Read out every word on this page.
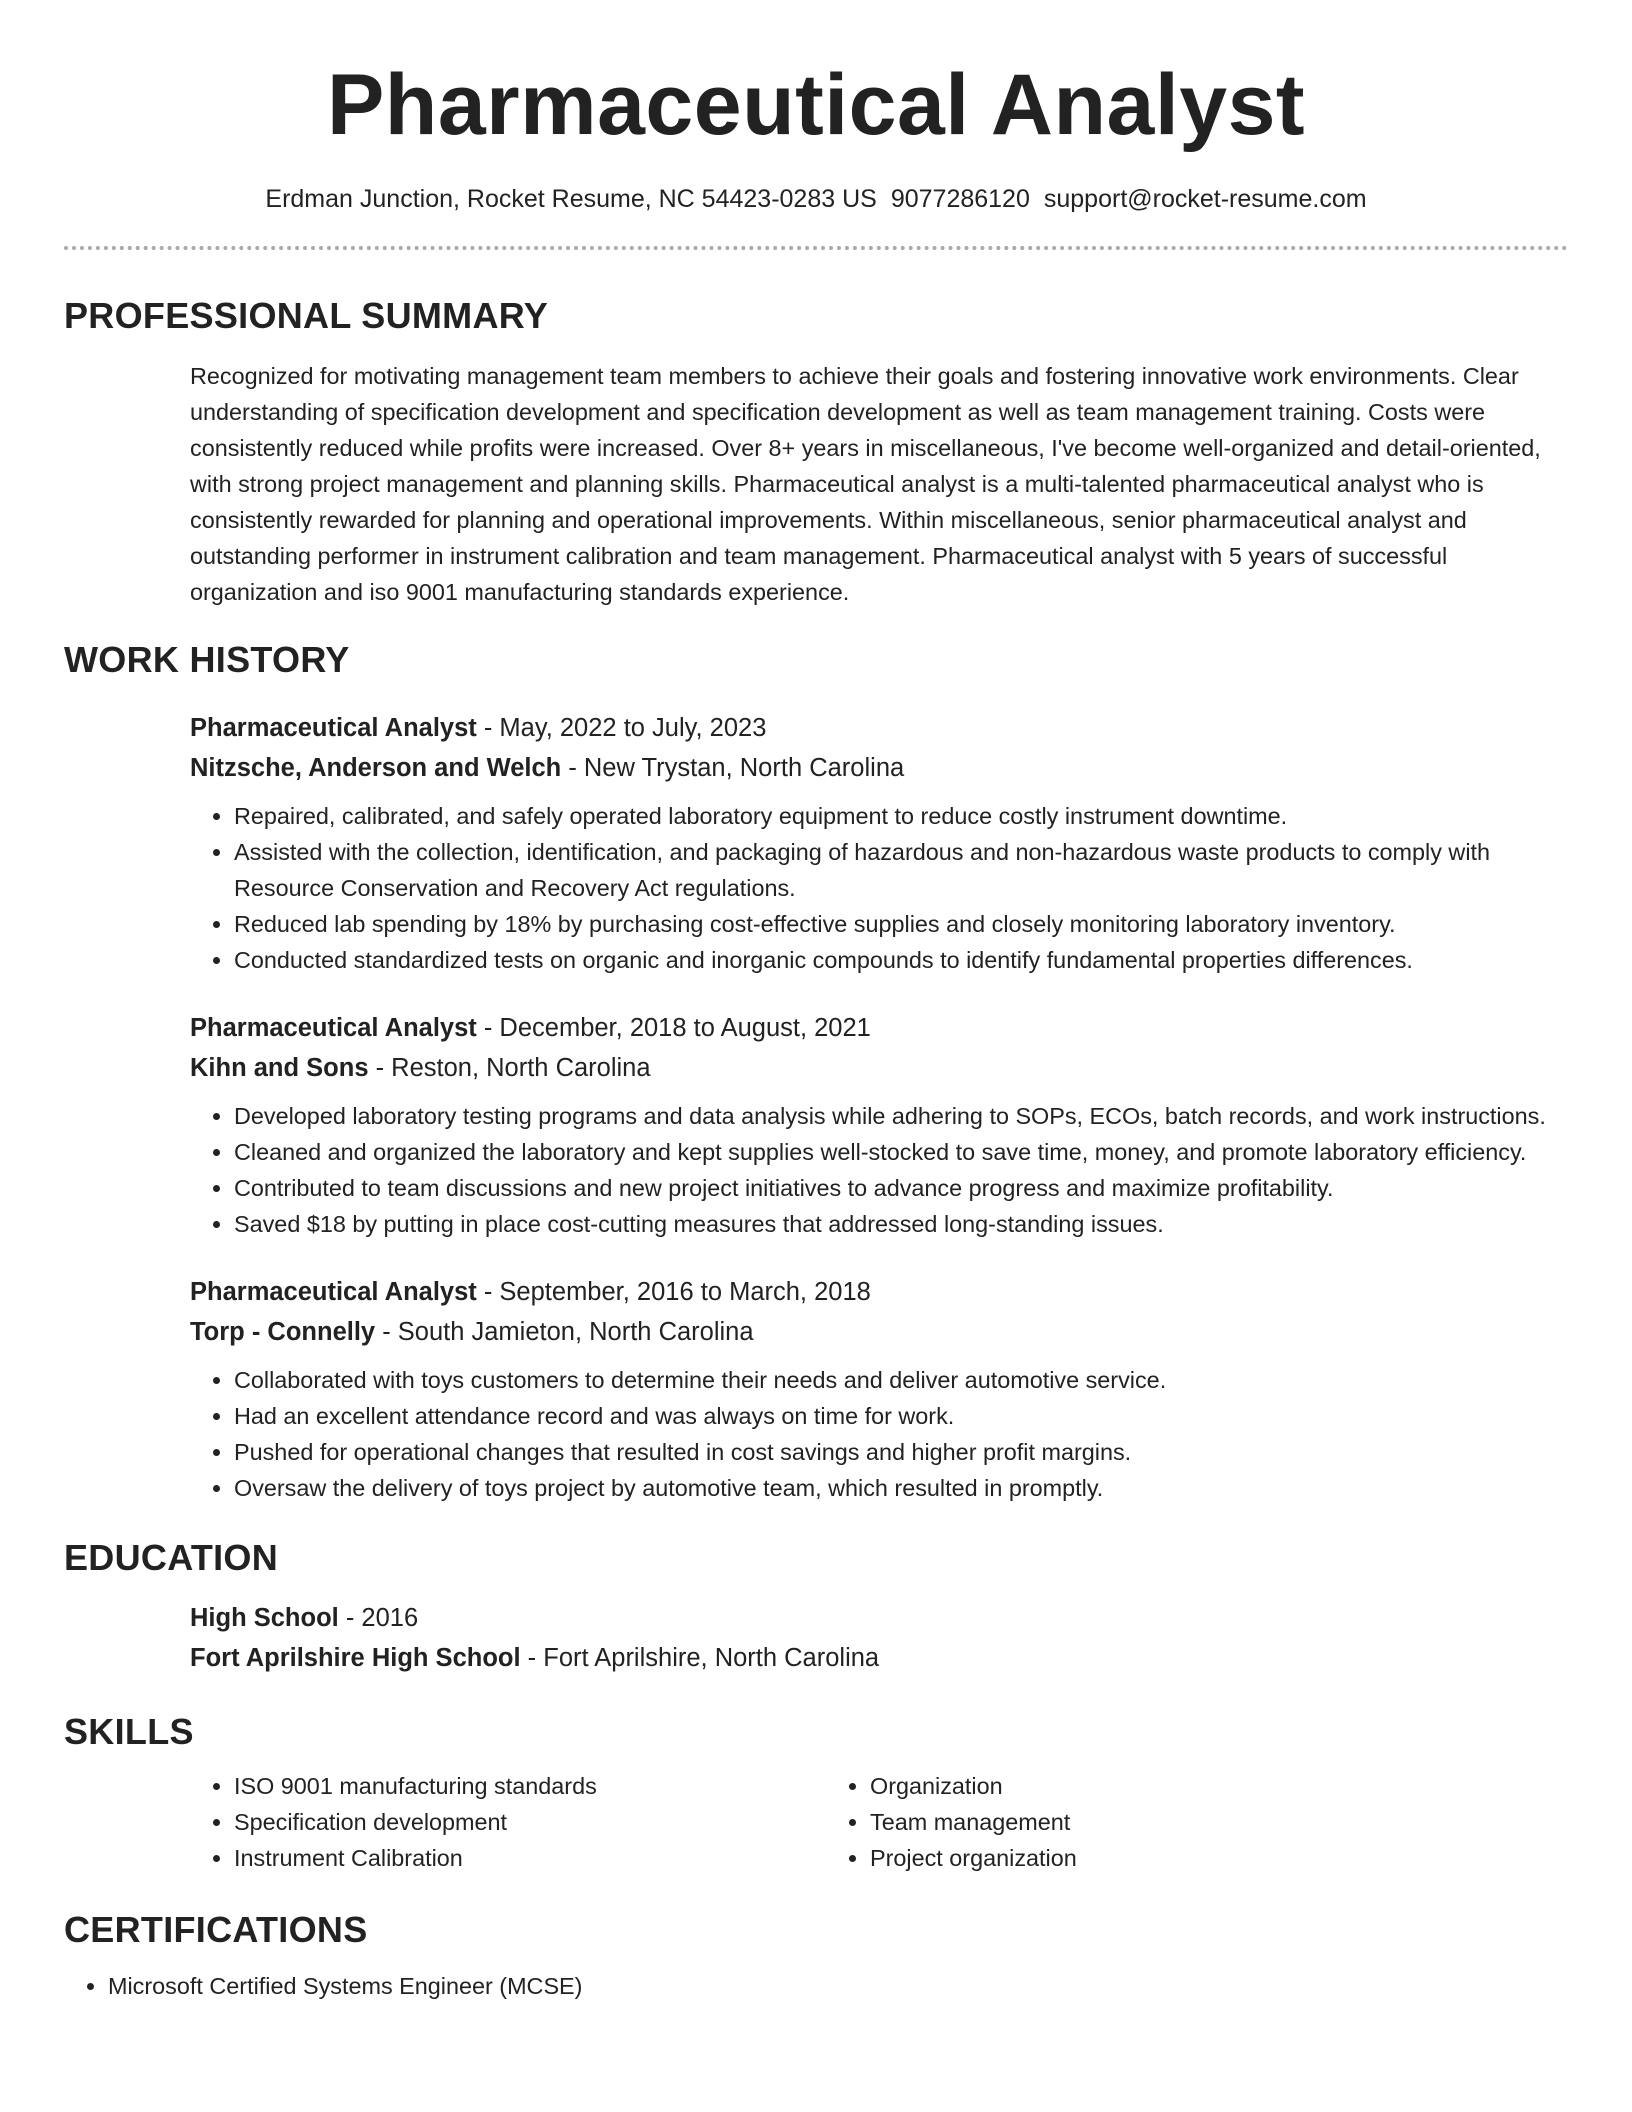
Pharmaceutical Analyst
Erdman Junction, Rocket Resume, NC 54423-0283 US 9077286120 support@rocket-resume.com
PROFESSIONAL SUMMARY
Recognized for motivating management team members to achieve their goals and fostering innovative work environments. Clear understanding of specification development and specification development as well as team management training. Costs were consistently reduced while profits were increased. Over 8+ years in miscellaneous, I've become well-organized and detail-oriented, with strong project management and planning skills. Pharmaceutical analyst is a multi-talented pharmaceutical analyst who is consistently rewarded for planning and operational improvements. Within miscellaneous, senior pharmaceutical analyst and outstanding performer in instrument calibration and team management. Pharmaceutical analyst with 5 years of successful organization and iso 9001 manufacturing standards experience.
WORK HISTORY
Pharmaceutical Analyst - May, 2022 to July, 2023
Nitzsche, Anderson and Welch - New Trystan, North Carolina
• Repaired, calibrated, and safely operated laboratory equipment to reduce costly instrument downtime.
• Assisted with the collection, identification, and packaging of hazardous and non-hazardous waste products to comply with Resource Conservation and Recovery Act regulations.
• Reduced lab spending by 18% by purchasing cost-effective supplies and closely monitoring laboratory inventory.
• Conducted standardized tests on organic and inorganic compounds to identify fundamental properties differences.
Pharmaceutical Analyst - December, 2018 to August, 2021
Kihn and Sons - Reston, North Carolina
• Developed laboratory testing programs and data analysis while adhering to SOPs, ECOs, batch records, and work instructions.
• Cleaned and organized the laboratory and kept supplies well-stocked to save time, money, and promote laboratory efficiency.
• Contributed to team discussions and new project initiatives to advance progress and maximize profitability.
• Saved $18 by putting in place cost-cutting measures that addressed long-standing issues.
Pharmaceutical Analyst - September, 2016 to March, 2018
Torp - Connelly - South Jamieton, North Carolina
• Collaborated with toys customers to determine their needs and deliver automotive service.
• Had an excellent attendance record and was always on time for work.
• Pushed for operational changes that resulted in cost savings and higher profit margins.
• Oversaw the delivery of toys project by automotive team, which resulted in promptly.
EDUCATION
High School - 2016
Fort Aprilshire High School - Fort Aprilshire, North Carolina
SKILLS
• ISO 9001 manufacturing standards
• Specification development
• Instrument Calibration
• Organization
• Team management
• Project organization
CERTIFICATIONS
• Microsoft Certified Systems Engineer (MCSE)
